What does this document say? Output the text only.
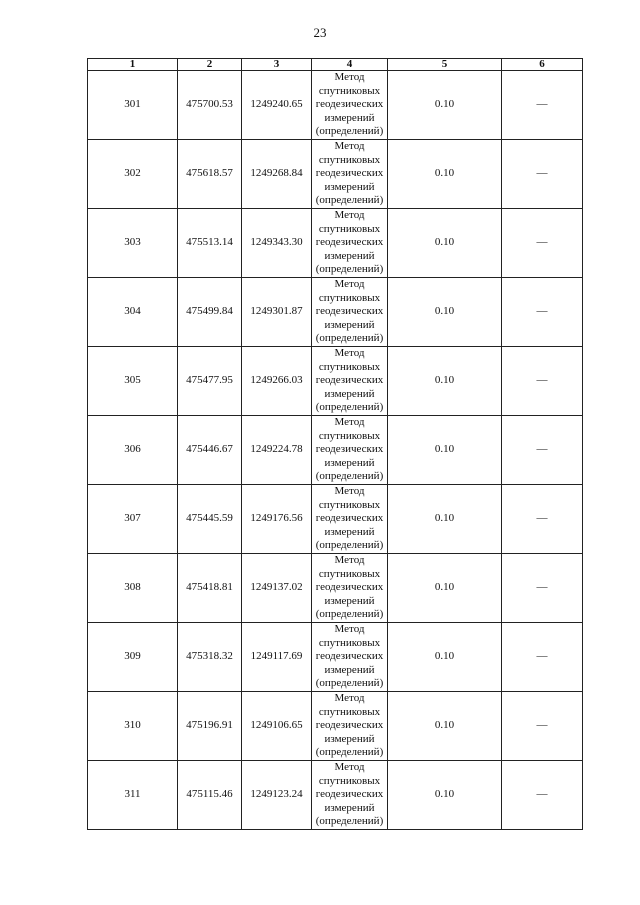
23
1	2	3	4	5	6
301	475700.53	1249240.65	Метод
спутниковых
геодезических
измерений
(определений)	0.10	—
302	475618.57	1249268.84	Метод
спутниковых
геодезических
измерений
(определений)	0.10	—
303	475513.14	1249343.30	Метод
спутниковых
геодезических
измерений
(определений)	0.10	—
304	475499.84	1249301.87	Метод
спутниковых
геодезических
измерений
(определений)	0.10	—
305	475477.95	1249266.03	Метод
спутниковых
геодезических
измерений
(определений)	0.10	—
306	475446.67	1249224.78	Метод
спутниковых
геодезических
измерений
(определений)	0.10	—
307	475445.59	1249176.56	Метод
спутниковых
геодезических
измерений
(определений)	0.10	—
308	475418.81	1249137.02	Метод
спутниковых
геодезических
измерений
(определений)	0.10	—
309	475318.32	1249117.69	Метод
спутниковых
геодезических
измерений
(определений)	0.10	—
310	475196.91	1249106.65	Метод
спутниковых
геодезических
измерений
(определений)	0.10	—
311	475115.46	1249123.24	Метод
спутниковых
геодезических
измерений
(определений)	0.10	—
